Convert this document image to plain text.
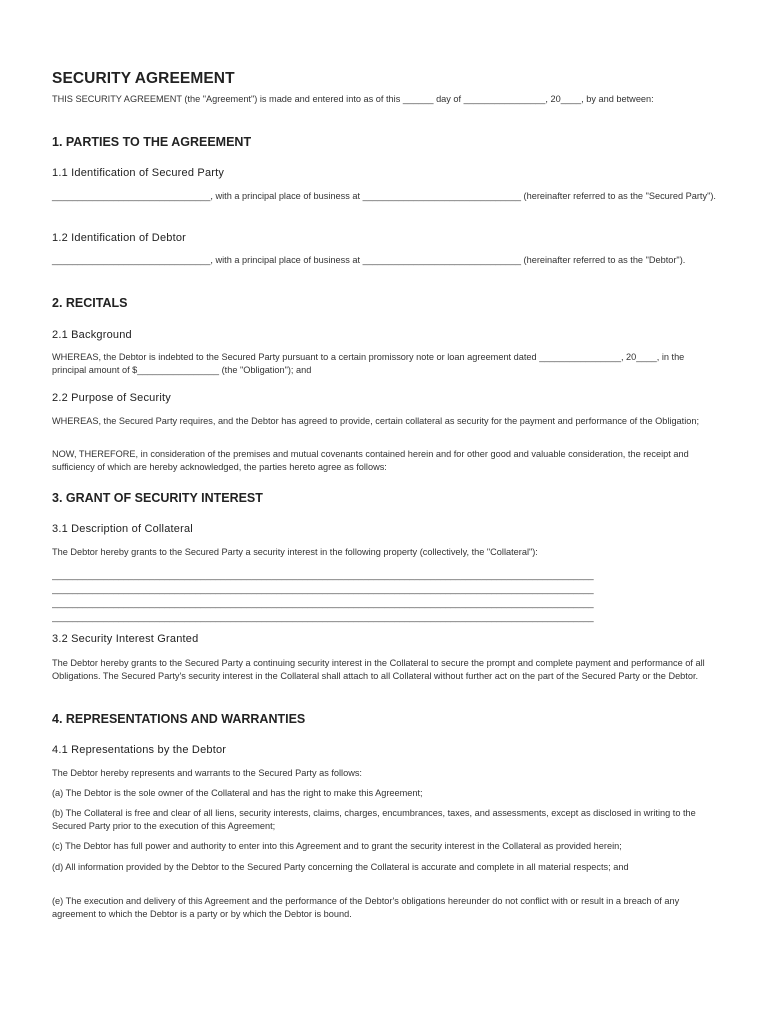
SECURITY AGREEMENT
THIS SECURITY AGREEMENT (the "Agreement") is made and entered into as of this ______ day of ________________, 20____, by and between:
1. PARTIES TO THE AGREEMENT
1.1 Identification of Secured Party
_______________________________, with a principal place of business at _______________________________ (hereinafter referred to as the "Secured Party").
1.2 Identification of Debtor
_______________________________, with a principal place of business at _______________________________ (hereinafter referred to as the "Debtor").
2. RECITALS
2.1 Background
WHEREAS, the Debtor is indebted to the Secured Party pursuant to a certain promissory note or loan agreement dated ________________, 20____, in the principal amount of $________________ (the "Obligation"); and
2.2 Purpose of Security
WHEREAS, the Secured Party requires, and the Debtor has agreed to provide, certain collateral as security for the payment and performance of the Obligation;
NOW, THEREFORE, in consideration of the premises and mutual covenants contained herein and for other good and valuable consideration, the receipt and sufficiency of which are hereby acknowledged, the parties hereto agree as follows:
3. GRANT OF SECURITY INTEREST
3.1 Description of Collateral
The Debtor hereby grants to the Secured Party a security interest in the following property (collectively, the "Collateral"):
__________________________________________________________________________________________________________
__________________________________________________________________________________________________________
__________________________________________________________________________________________________________
__________________________________________________________________________________________________________
3.2 Security Interest Granted
The Debtor hereby grants to the Secured Party a continuing security interest in the Collateral to secure the prompt and complete payment and performance of all Obligations. The Secured Party's security interest in the Collateral shall attach to all Collateral without further act on the part of the Secured Party or the Debtor.
4. REPRESENTATIONS AND WARRANTIES
4.1 Representations by the Debtor
The Debtor hereby represents and warrants to the Secured Party as follows:
(a) The Debtor is the sole owner of the Collateral and has the right to make this Agreement;
(b) The Collateral is free and clear of all liens, security interests, claims, charges, encumbrances, taxes, and assessments, except as disclosed in writing to the Secured Party prior to the execution of this Agreement;
(c) The Debtor has full power and authority to enter into this Agreement and to grant the security interest in the Collateral as provided herein;
(d) All information provided by the Debtor to the Secured Party concerning the Collateral is accurate and complete in all material respects; and
(e) The execution and delivery of this Agreement and the performance of the Debtor's obligations hereunder do not conflict with or result in a breach of any agreement to which the Debtor is a party or by which the Debtor is bound.
